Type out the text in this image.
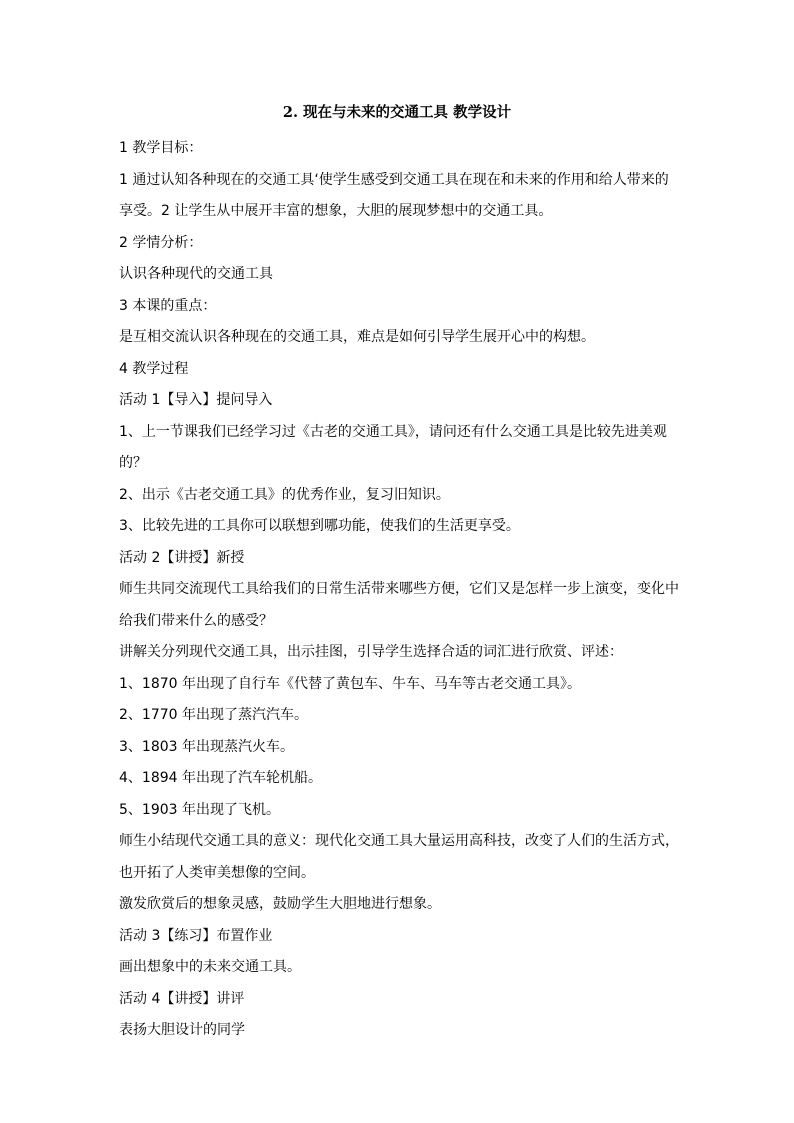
2. 现在与未来的交通工具 教学设计
1 教学目标：
1 通过认知各种现在的交通工具‘使学生感受到交通工具在现在和未来的作用和给人带来的
享受。2 让学生从中展开丰富的想象，大胆的展现梦想中的交通工具。
2 学情分析：
认识各种现代的交通工具
3 本课的重点：
是互相交流认识各种现在的交通工具，难点是如何引导学生展开心中的构想。
4 教学过程
活动 1【导入】提问导入
1、上一节课我们已经学习过《古老的交通工具》，请问还有什么交通工具是比较先进美观
的？
2、出示《古老交通工具》的优秀作业，复习旧知识。
3、比较先进的工具你可以联想到哪功能，使我们的生活更享受。
活动 2【讲授】新授
师生共同交流现代工具给我们的日常生活带来哪些方便，它们又是怎样一步上演变，变化中
给我们带来什么的感受？
讲解关分列现代交通工具，出示挂图，引导学生选择合适的词汇进行欣赏、评述：
1、1870 年出现了自行车《代替了黄包车、牛车、马车等古老交通工具》。
2、1770 年出现了蒸汽汽车。
3、1803 年出现蒸汽火车。
4、1894 年出现了汽车轮机船。
5、1903 年出现了飞机。
师生小结现代交通工具的意义：现代化交通工具大量运用高科技，改变了人们的生活方式，
也开拓了人类审美想像的空间。
激发欣赏后的想象灵感，鼓励学生大胆地进行想象。
活动 3【练习】布置作业
画出想象中的未来交通工具。
活动 4【讲授】讲评
表扬大胆设计的同学
